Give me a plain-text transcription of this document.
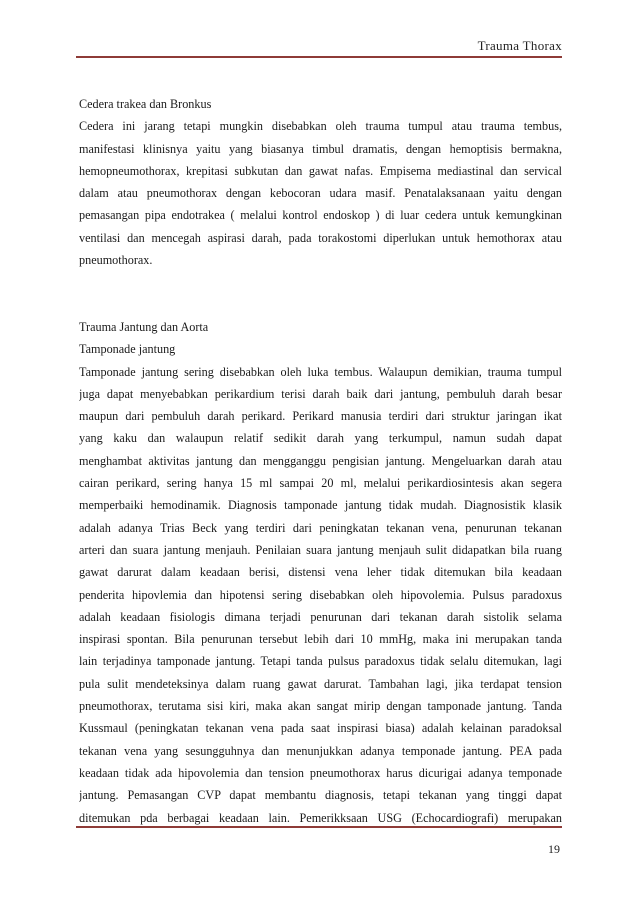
Trauma Thorax
Cedera trakea dan Bronkus
Cedera ini jarang tetapi mungkin disebabkan oleh trauma tumpul atau trauma tembus,
manifestasi klinisnya yaitu yang biasanya timbul dramatis, dengan hemoptisis bermakna,
hemopneumothorax, krepitasi subkutan dan gawat nafas. Empisema mediastinal dan servical
dalam atau pneumothorax dengan kebocoran udara masif. Penatalaksanaan yaitu dengan
pemasangan pipa endotrakea ( melalui kontrol endoskop ) di luar cedera untuk kemungkinan
ventilasi dan mencegah aspirasi darah, pada torakostomi diperlukan untuk hemothorax atau
pneumothorax.
Trauma Jantung dan Aorta
Tamponade jantung
Tamponade jantung sering disebabkan oleh luka tembus. Walaupun demikian, trauma tumpul
juga dapat menyebabkan perikardium terisi darah baik dari jantung, pembuluh darah besar
maupun dari pembuluh darah perikard. Perikard manusia terdiri dari struktur jaringan ikat
yang kaku dan walaupun relatif sedikit darah yang terkumpul, namun sudah dapat
menghambat aktivitas jantung dan mengganggu pengisian jantung. Mengeluarkan darah atau
cairan perikard, sering hanya 15 ml sampai 20 ml, melalui perikardiosintesis akan segera
memperbaiki hemodinamik. Diagnosis tamponade jantung tidak mudah. Diagnosistik klasik
adalah adanya Trias Beck yang terdiri dari peningkatan tekanan vena, penurunan tekanan
arteri dan suara jantung menjauh. Penilaian suara jantung menjauh sulit didapatkan bila ruang
gawat darurat dalam keadaan berisi, distensi vena leher tidak ditemukan bila keadaan
penderita hipovlemia dan hipotensi sering disebabkan oleh hipovolemia. Pulsus paradoxus
adalah keadaan fisiologis dimana terjadi penurunan dari tekanan darah sistolik selama
inspirasi spontan. Bila penurunan tersebut lebih dari 10 mmHg, maka ini merupakan tanda
lain terjadinya tamponade jantung. Tetapi tanda pulsus paradoxus tidak selalu ditemukan, lagi
pula sulit mendeteksinya dalam ruang gawat darurat. Tambahan lagi, jika terdapat tension
pneumothorax, terutama sisi kiri, maka akan sangat mirip dengan tamponade jantung. Tanda
Kussmaul (peningkatan tekanan vena pada saat inspirasi biasa) adalah kelainan paradoksal
tekanan vena yang sesungguhnya dan menunjukkan adanya temponade jantung. PEA pada
keadaan tidak ada hipovolemia dan tension pneumothorax harus dicurigai adanya temponade
jantung. Pemasangan CVP dapat membantu diagnosis, tetapi tekanan yang tinggi dapat
ditemukan pda berbagai keadaan lain. Pemerikksaan USG (Echocardiografi) merupakan
19
